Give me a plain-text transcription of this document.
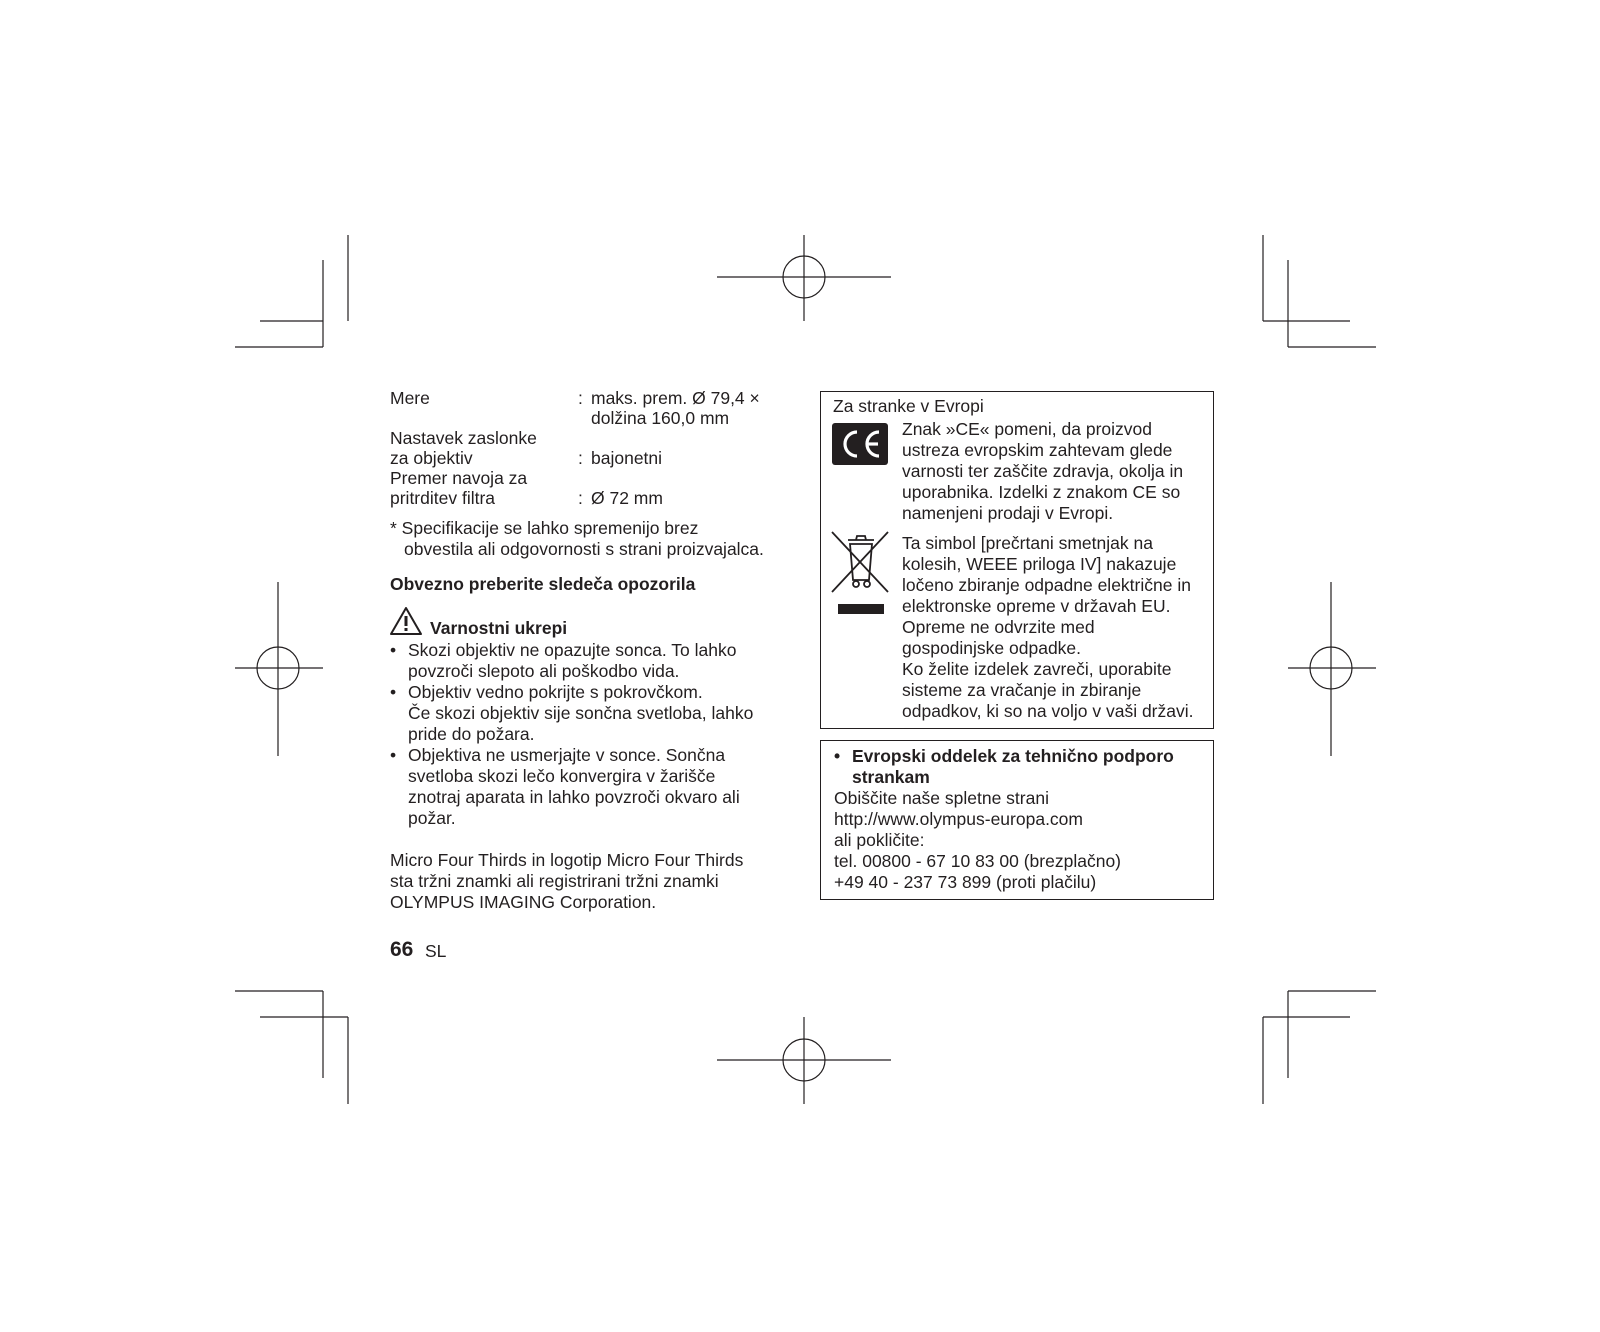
Mere	: maks. prem. Ø 79,4 ×
dolžina 160,0 mm
Nastavek zaslonke
za objektiv	: bajonetni
Premer navoja za
pritrditev filtra	: Ø 72 mm
* Specifikacije se lahko spremenijo brez
obvestila ali odgovornosti s strani proizvajalca.
Obvezno preberite sledeča opozorila
Varnostni ukrepi
• Skozi objektiv ne opazujte sonca. To lahko
povzroči slepoto ali poškodbo vida.
• Objektiv vedno pokrijte s pokrovčkom.
Če skozi objektiv sije sončna svetloba, lahko
pride do požara.
• Objektiva ne usmerjajte v sonce. Sončna
svetloba skozi lečo konvergira v žarišče
znotraj aparata in lahko povzroči okvaro ali
požar.
Micro Four Thirds in logotip Micro Four Thirds
sta tržni znamki ali registrirani tržni znamki
OLYMPUS IMAGING Corporation.
66 SL
Za stranke v Evropi
Znak »CE« pomeni, da proizvod
ustreza evropskim zahtevam glede
varnosti ter zaščite zdravja, okolja in
uporabnika. Izdelki z znakom CE so
namenjeni prodaji v Evropi.
Ta simbol [prečrtani smetnjak na
kolesih, WEEE priloga IV] nakazuje
ločeno zbiranje odpadne električne in
elektronske opreme v državah EU.
Opreme ne odvrzite med
gospodinjske odpadke.
Ko želite izdelek zavreči, uporabite
sisteme za vračanje in zbiranje
odpadkov, ki so na voljo v vaši državi.
• Evropski oddelek za tehnično podporo
strankam
Obiščite naše spletne strani
http://www.olympus-europa.com
ali pokličite:
tel. 00800 - 67 10 83 00 (brezplačno)
+49 40 - 237 73 899 (proti plačilu)
